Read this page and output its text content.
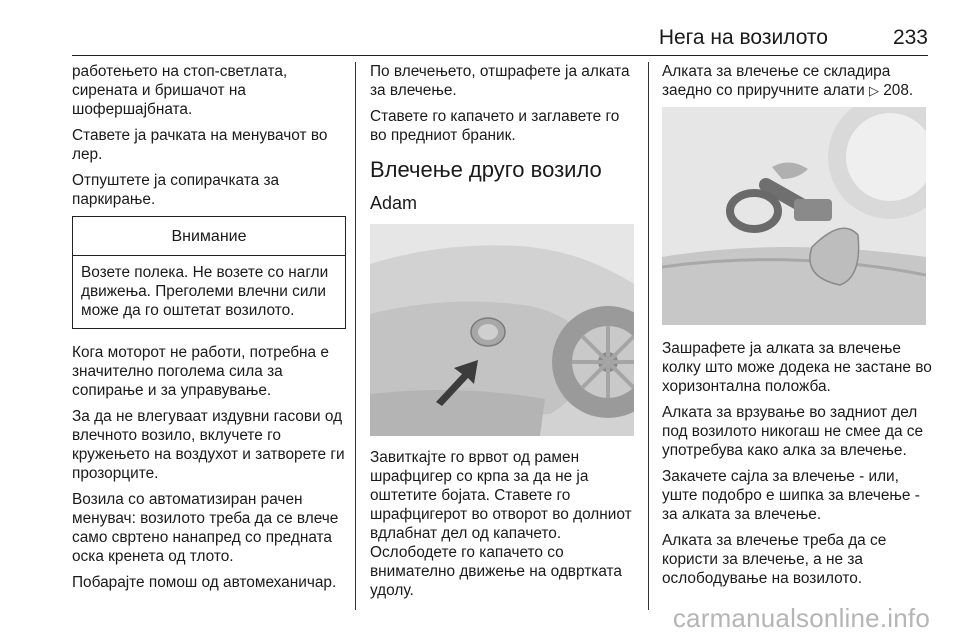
Нега на возилото	233

работењето на стоп-светлата, сирената и бришачот на шофершајбната.

Ставете ја рачката на менувачот во лер.

Отпуштете ја сопирачката за паркирање.

Внимание
Возете полека. Не возете со нагли движења. Преголеми влечни сили може да го оштетат возилото.

Кога моторот не работи, потребна е значително поголема сила за сопирање и за управување.

За да не влегуваат издувни гасови од влечното возило, вклучете го кружењето на воздухот и затворете ги прозорците.

Возила со автоматизиран рачен менувач: возилото треба да се влече само свртено нанапред со предната оска кренета од тлото.

Побарајте помош од автомеханичар.

По влечењето, отшрафете ја алката за влечење.

Ставете го капачето и заглавете го во предниот браник.

Влечење друго возило
Adam

Завиткајте го врвот од рамен шрафцигер со крпа за да не ја оштетите бојата. Ставете го шрафцигерот во отворот во долниот вдлабнат дел од капачето. Ослободете го капачето со внимателно движење на одвртката удолу.

Алката за влечење се складира заедно со приручните алати ▷ 208.

Зашрафете ја алката за влечење колку што може додека не застане во хоризонтална положба.

Алката за врзување во задниот дел под возилото никогаш не смее да се употребува како алка за влечење.

Закачете сајла за влечење - или, уште подобро е шипка за влечење - за алката за влечење.

Алката за влечење треба да се користи за влечење, а не за ослободување на возилото.

carmanualsonline.info
